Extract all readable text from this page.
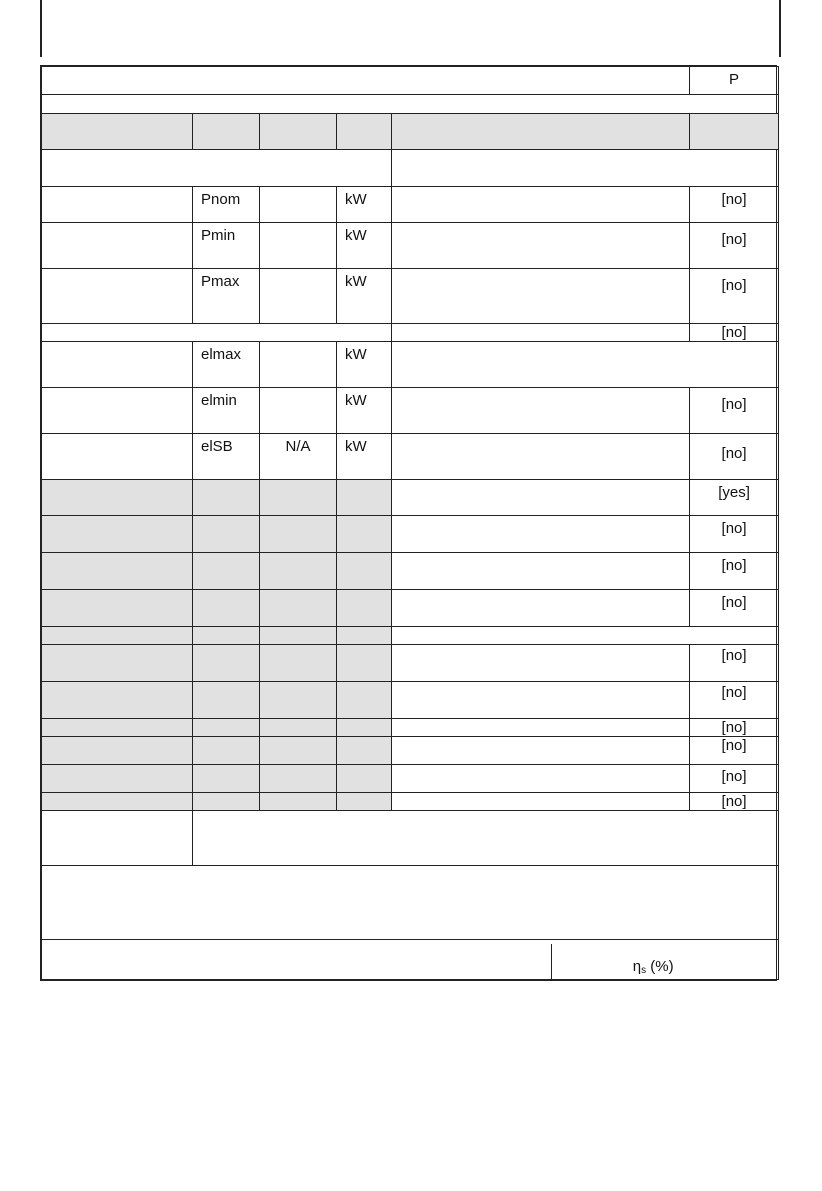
					P

	Pnom		kW		[no]
	Pmin		kW		[no]
	Pmax		kW		[no]
					[no]
	elmax		kW		
	elmin		kW		[no]
	elSB	N/A	kW		[no]
					[yes]
					[no]
					[no]
					[no]

					[no]
					[no]
					[no]
					[no]
					[no]
					[no]

$\eta_s$ (%)					
